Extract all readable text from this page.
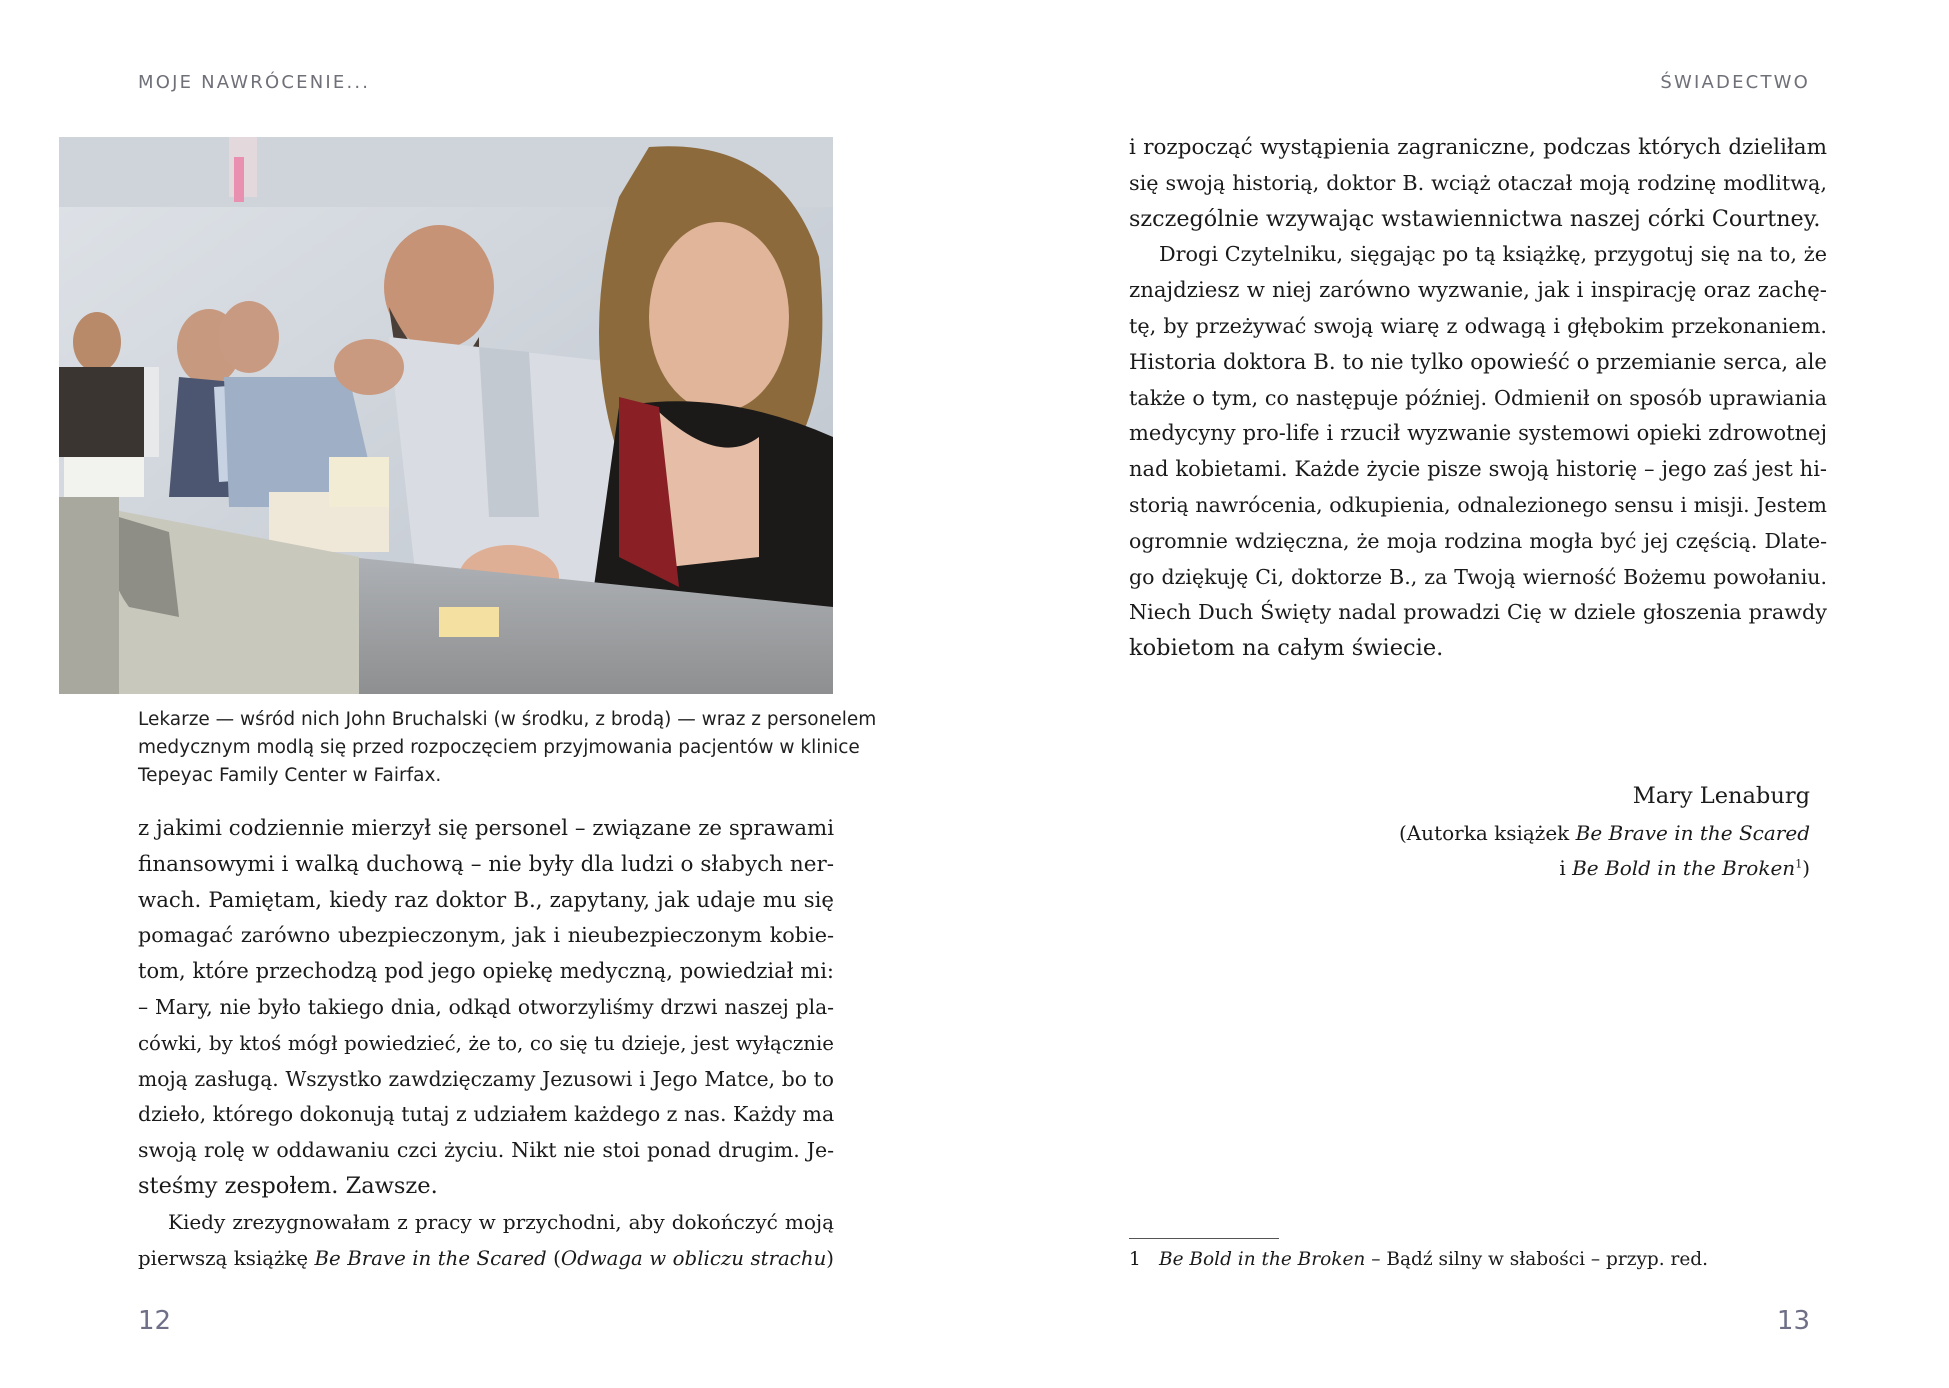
MOJE NAWRÓCENIE...
Lekarze — wśród nich John Bruchalski (w środku, z brodą) — wraz z personelem
medycznym modlą się przed rozpoczęciem przyjmowania pacjentów w klinice
Tepeyac Family Center w Fairfax.
z jakimi codziennie mierzył się personel – związane ze sprawami
finansowymi i walką duchową – nie były dla ludzi o słabych ner-
wach. Pamiętam, kiedy raz doktor B., zapytany, jak udaje mu się
pomagać zarówno ubezpieczonym, jak i nieubezpieczonym kobie-
tom, które przechodzą pod jego opiekę medyczną, powiedział mi:
– Mary, nie było takiego dnia, odkąd otworzyliśmy drzwi naszej pla-
cówki, by ktoś mógł powiedzieć, że to, co się tu dzieje, jest wyłącznie
moją zasługą. Wszystko zawdzięczamy Jezusowi i Jego Matce, bo to
dzieło, którego dokonują tutaj z udziałem każdego z nas. Każdy ma
swoją rolę w oddawaniu czci życiu. Nikt nie stoi ponad drugim. Je-
steśmy zespołem. Zawsze.
Kiedy zrezygnowałam z pracy w przychodni, aby dokończyć moją
pierwszą książkę Be Brave in the Scared (Odwaga w obliczu strachu)
12
ŚWIADECTWO
i rozpocząć wystąpienia zagraniczne, podczas których dzieliłam
się swoją historią, doktor B. wciąż otaczał moją rodzinę modlitwą,
szczególnie wzywając wstawiennictwa naszej córki Courtney.
Drogi Czytelniku, sięgając po tą książkę, przygotuj się na to, że
znajdziesz w niej zarówno wyzwanie, jak i inspirację oraz zachę-
tę, by przeżywać swoją wiarę z odwagą i głębokim przekonaniem.
Historia doktora B. to nie tylko opowieść o przemianie serca, ale
także o tym, co następuje później. Odmienił on sposób uprawiania
medycyny pro-life i rzucił wyzwanie systemowi opieki zdrowotnej
nad kobietami. Każde życie pisze swoją historię – jego zaś jest hi-
storią nawrócenia, odkupienia, odnalezionego sensu i misji. Jestem
ogromnie wdzięczna, że moja rodzina mogła być jej częścią. Dlate-
go dziękuję Ci, doktorze B., za Twoją wierność Bożemu powołaniu.
Niech Duch Święty nadal prowadzi Cię w dziele głoszenia prawdy
kobietom na całym świecie.
Mary Lenaburg
(Autorka książek Be Brave in the Scared
i Be Bold in the Broken$^1$)
1 Be Bold in the Broken – Bądź silny w słabości – przyp. red.
13
